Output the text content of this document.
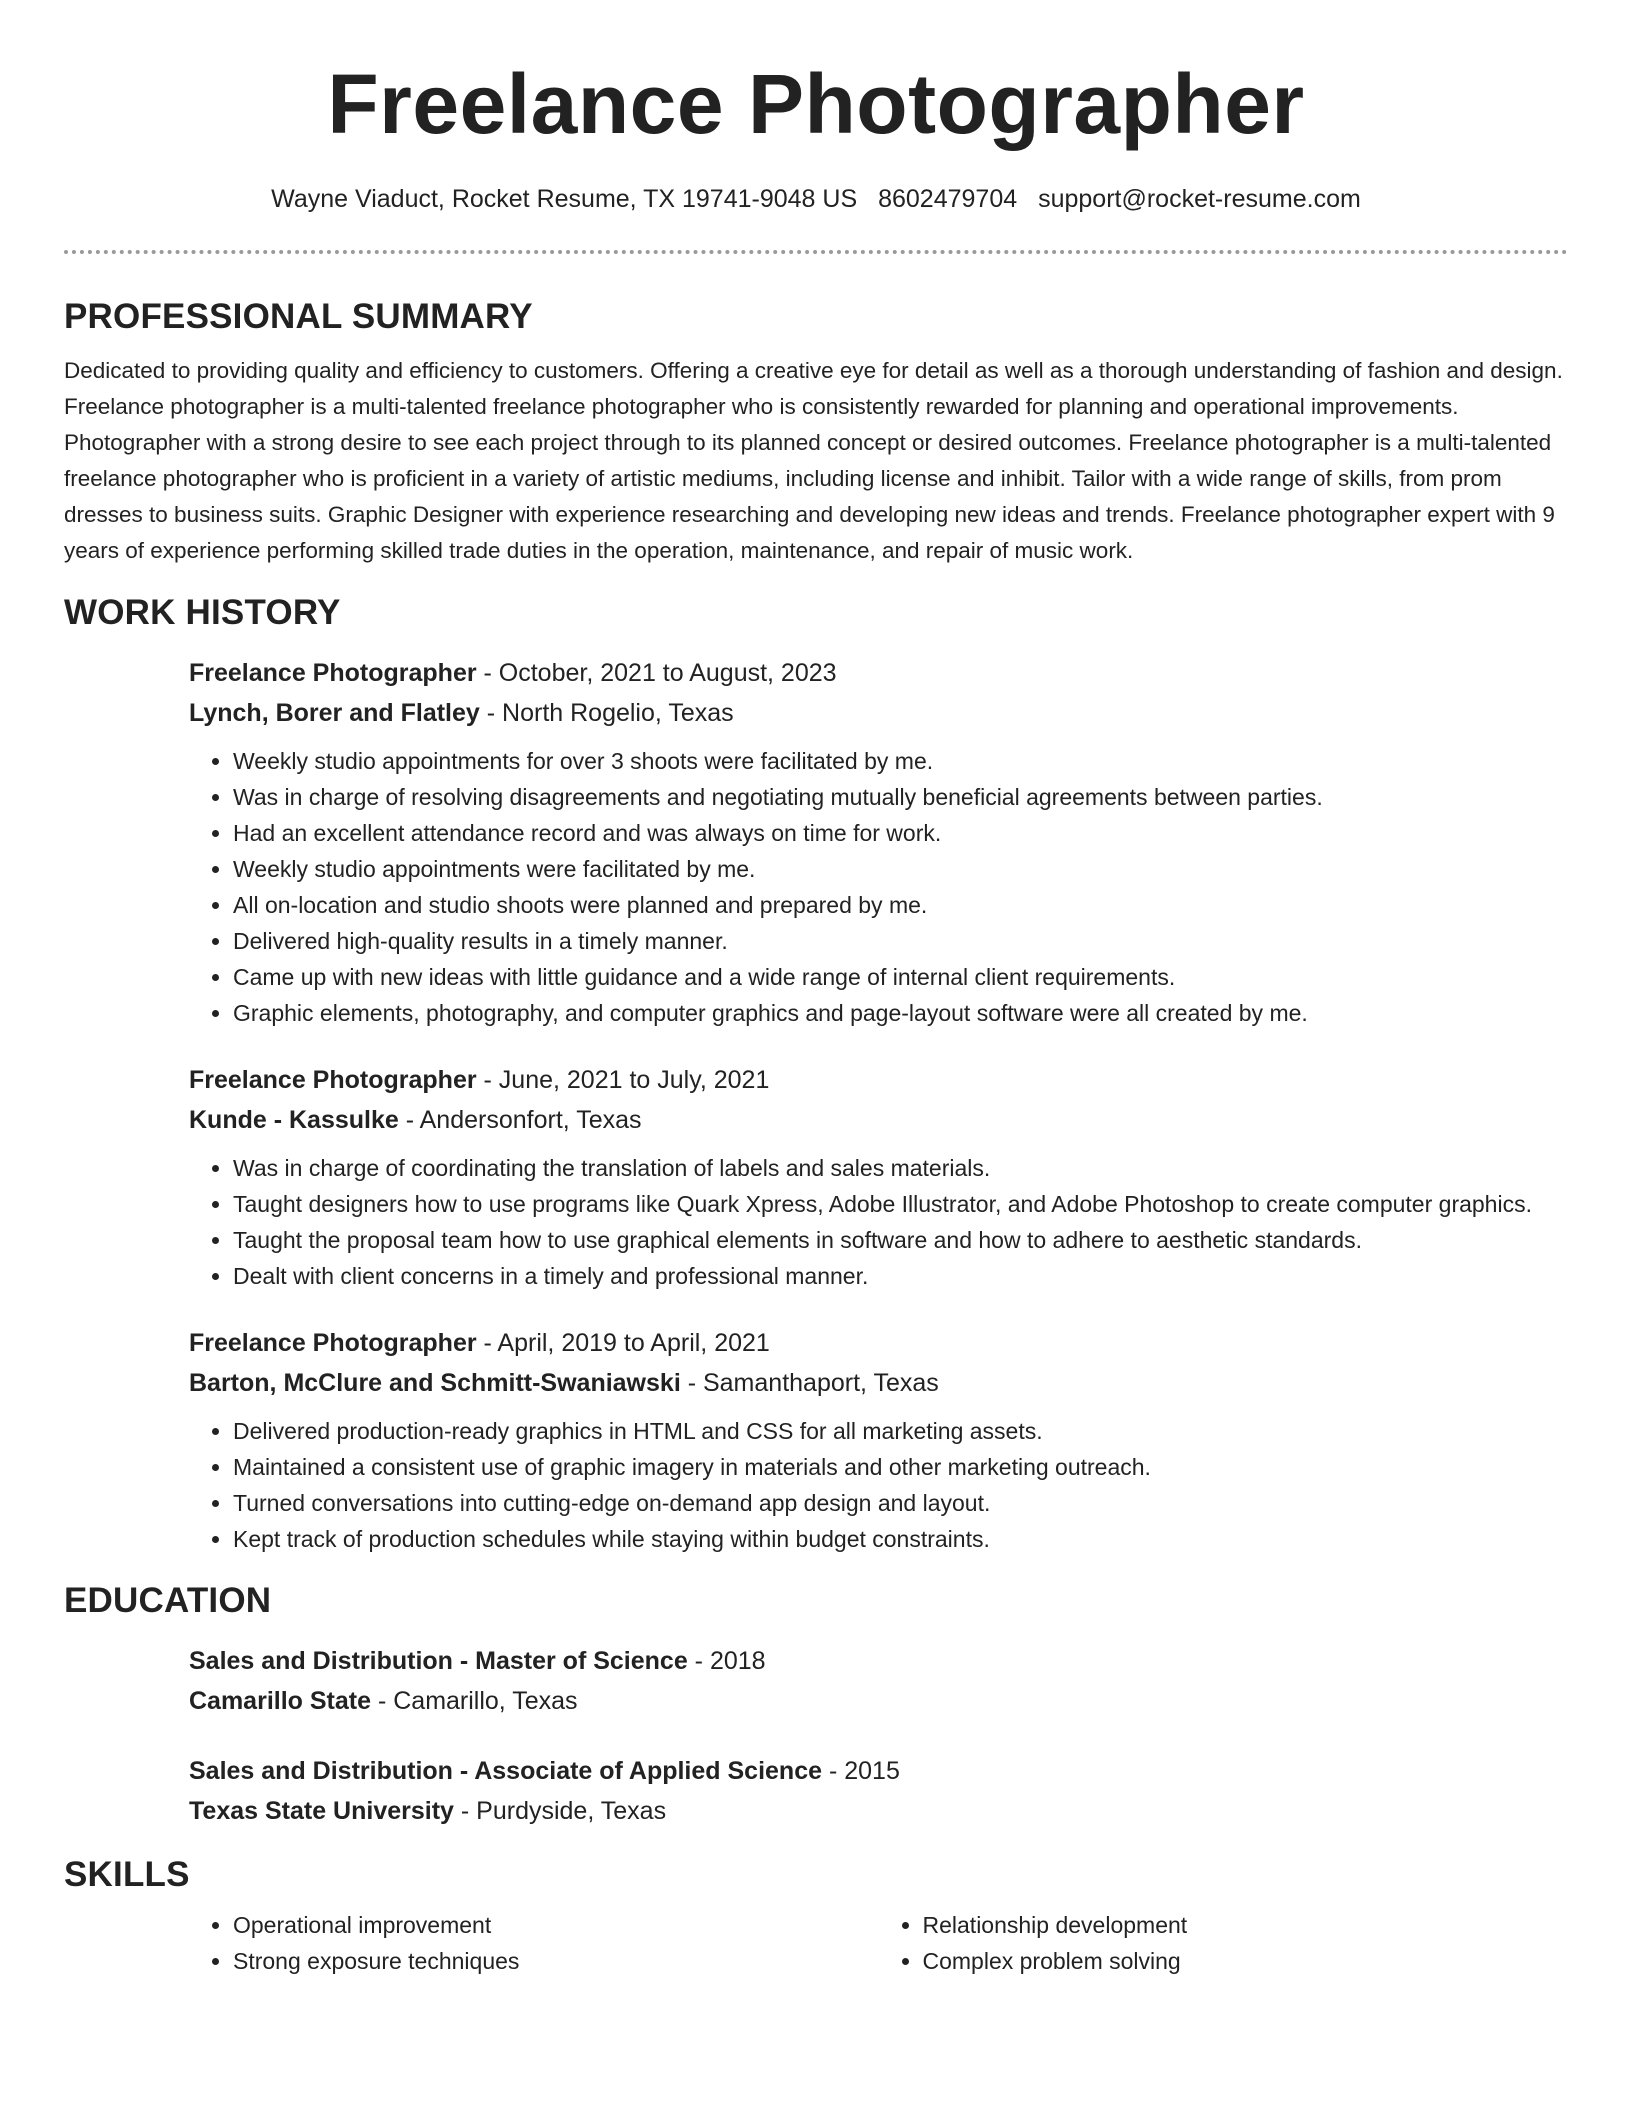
Freelance Photographer
Wayne Viaduct, Rocket Resume, TX 19741-9048 US 8602479704 support@rocket-resume.com
PROFESSIONAL SUMMARY

Dedicated to providing quality and efficiency to customers. Offering a creative eye for detail as well as a thorough understanding of fashion and design. Freelance photographer is a multi-talented freelance photographer who is consistently rewarded for planning and operational improvements. Photographer with a strong desire to see each project through to its planned concept or desired outcomes. Freelance photographer is a multi-talented freelance photographer who is proficient in a variety of artistic mediums, including license and inhibit. Tailor with a wide range of skills, from prom dresses to business suits. Graphic Designer with experience researching and developing new ideas and trends. Freelance photographer expert with 9 years of experience performing skilled trade duties in the operation, maintenance, and repair of music work.

WORK HISTORY

Freelance Photographer - October, 2021 to August, 2023

Lynch, Borer and Flatley - North Rogelio, Texas

• Weekly studio appointments for over 3 shoots were facilitated by me.
• Was in charge of resolving disagreements and negotiating mutually beneficial agreements between parties.
• Had an excellent attendance record and was always on time for work.
• Weekly studio appointments were facilitated by me.
• All on-location and studio shoots were planned and prepared by me.
• Delivered high-quality results in a timely manner.
• Came up with new ideas with little guidance and a wide range of internal client requirements.
• Graphic elements, photography, and computer graphics and page-layout software were all created by me.

Freelance Photographer - June, 2021 to July, 2021

Kunde - Kassulke - Andersonfort, Texas

• Was in charge of coordinating the translation of labels and sales materials.
• Taught designers how to use programs like Quark Xpress, Adobe Illustrator, and Adobe Photoshop to create computer graphics.
• Taught the proposal team how to use graphical elements in software and how to adhere to aesthetic standards.
• Dealt with client concerns in a timely and professional manner.

Freelance Photographer - April, 2019 to April, 2021

Barton, McClure and Schmitt-Swaniawski - Samanthaport, Texas

• Delivered production-ready graphics in HTML and CSS for all marketing assets.
• Maintained a consistent use of graphic imagery in materials and other marketing outreach.
• Turned conversations into cutting-edge on-demand app design and layout.
• Kept track of production schedules while staying within budget constraints.
EDUCATION

Sales and Distribution - Master of Science - 2018

Camarillo State - Camarillo, Texas

Sales and Distribution - Associate of Applied Science - 2015

Texas State University - Purdyside, Texas

SKILLS
• Operational improvement
• Strong exposure techniques
• Relationship development
• Complex problem solving
